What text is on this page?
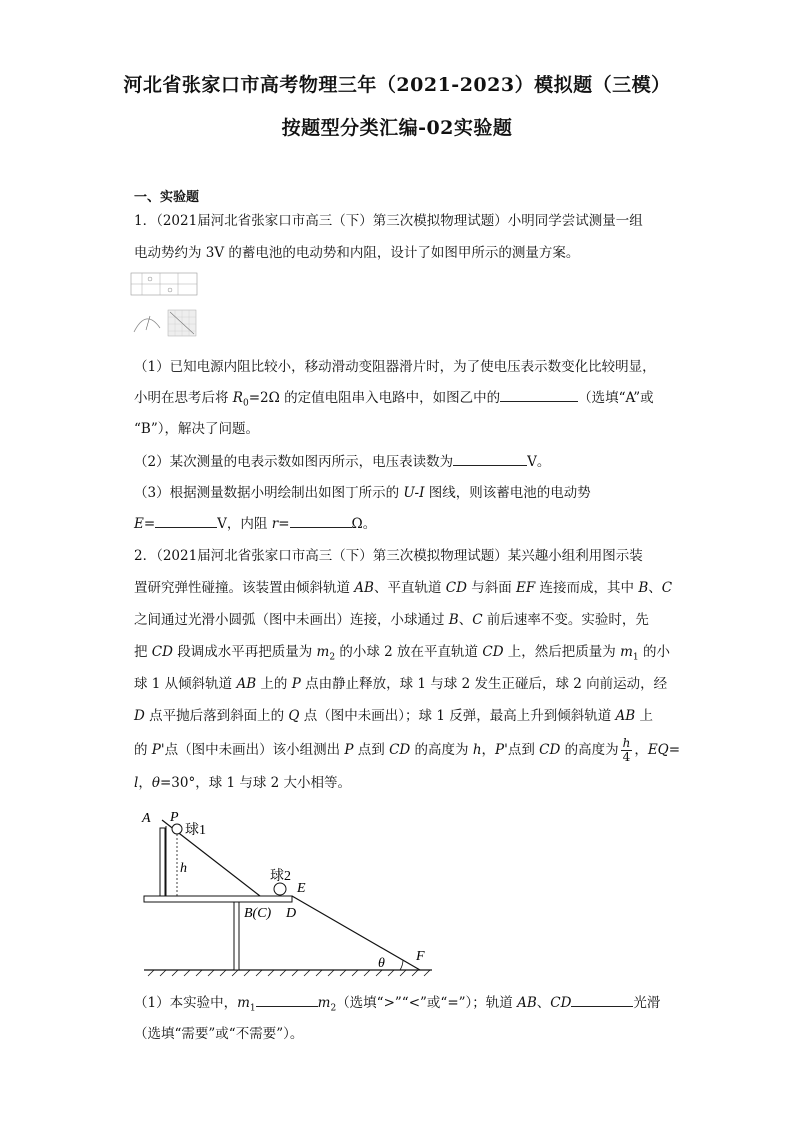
河北省张家口市高考物理三年（2021-2023）模拟题（三模）
按题型分类汇编-02实验题
一、实验题
1．（2021届河北省张家口市高三（下）第三次模拟物理试题）小明同学尝试测量一组
电动势约为 3V 的蓄电池的电动势和内阻，设计了如图甲所示的测量方案。
（1）已知电源内阻比较小，移动滑动变阻器滑片时，为了使电压表示数变化比较明显，
小明在思考后将 $R_0=2\Omega$ 的定值电阻串入电路中，如图乙中的	（选填“A”或
“B”），解决了问题。
（2）某次测量的电表示数如图丙所示，电压表读数为	V。
（3）根据测量数据小明绘制出如图丁所示的 U-I 图线，则该蓄电池的电动势
E=	V，内阻 r=	Ω。
2．（2021届河北省张家口市高三（下）第三次模拟物理试题）某兴趣小组利用图示装
置研究弹性碰撞。该装置由倾斜轨道 AB、平直轨道 CD 与斜面 EF 连接而成，其中 B、C
之间通过光滑小圆弧（图中未画出）连接，小球通过 B、C 前后速率不变。实验时，先
把 CD 段调成水平再把质量为 $m_2$ 的小球 2 放在平直轨道 CD 上，然后把质量为 $m_1$ 的小
球 1 从倾斜轨道 AB 上的 P 点由静止释放，球 1 与球 2 发生正碰后，球 2 向前运动，经
D 点平抛后落到斜面上的 Q 点（图中未画出）；球 1 反弹，最高上升到倾斜轨道 AB 上
的 P'点（图中未画出）该小组测出 P 点到 CD 的高度为 h，P'点到 CD 的高度为 $\frac{h}{4}$ ，EQ=
l，θ=30°，球 1 与球 2 大小相等。
A P
球1
h
球2
E
B(C) D
θ F
（1）本实验中，$m_1$	$m_2$（选填“>”“<”或“=”）；轨道 AB、CD	光滑
（选填“需要”或“不需要”）。
